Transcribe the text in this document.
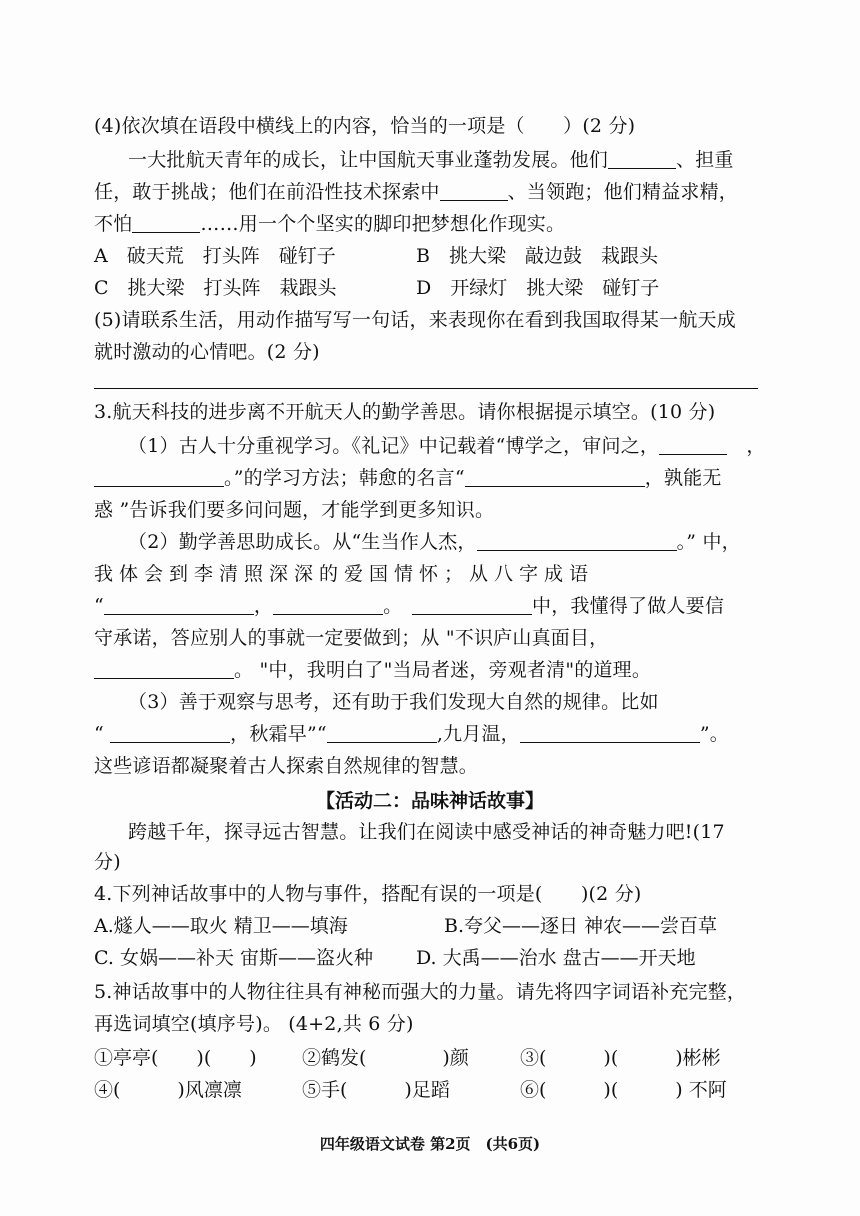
(4)依次填在语段中横线上的内容，恰当的一项是（　　）(2 分)
一大批航天青年的成长，让中国航天事业蓬勃发展。他们	、担重
任，敢于挑战；他们在前沿性技术探索中	、当领跑；他们精益求精，
不怕	……用一个个坚实的脚印把梦想化作现实。
A　破天荒　打头阵　碰钉子	B　挑大梁　敲边鼓　栽跟头
C　挑大梁　打头阵　栽跟头	D　开绿灯　挑大梁　碰钉子
(5)请联系生活，用动作描写写一句话，来表现你在看到我国取得某一航天成
就时激动的心情吧。(2 分)
3.航天科技的进步离不开航天人的勤学善思。请你根据提示填空。(10 分)
（1）古人十分重视学习。《礼记》中记载着“博学之，审问之，　	，
。”的学习方法；韩愈的名言“	，孰能无
惑 ”告诉我们要多问问题，才能学到更多知识。
（2）勤学善思助成长。从“生当作人杰，	。” 中，
我体会到李清照深深的爱国情怀；从八字成语
“	，	。　	中，我懂得了做人要信
守承诺，答应别人的事就一定要做到；从 "不识庐山真面目，
。 "中，我明白了"当局者迷，旁观者清"的道理。
（3）善于观察与思考，还有助于我们发现大自然的规律。比如
“	，秋霜早”“	,九月温，	”。
这些谚语都凝聚着古人探索自然规律的智慧。
【活动二：品味神话故事】
跨越千年，探寻远古智慧。让我们在阅读中感受神话的神奇魅力吧!(17
分)
4.下列神话故事中的人物与事件，搭配有误的一项是(　　)(2 分)
A.燧人——取火 精卫——填海	B.夸父——逐日 神农——尝百草
C. 女娲——补天 宙斯——盗火种 D. 大禹——治水 盘古——开天地
5.神话故事中的人物往往具有神秘而强大的力量。请先将四字词语补充完整，
再选词填空(填序号)。 (4+2,共 6 分)
①亭亭(　　)(　　) ②鹤发(　　　　)颜	③(　　　)(　　　)彬彬
④(　　　)风凛凛	⑤手(　　　)足蹈	⑥(　　　)(　　　) 不阿
四年级语文试卷 第2页　(共6页)
